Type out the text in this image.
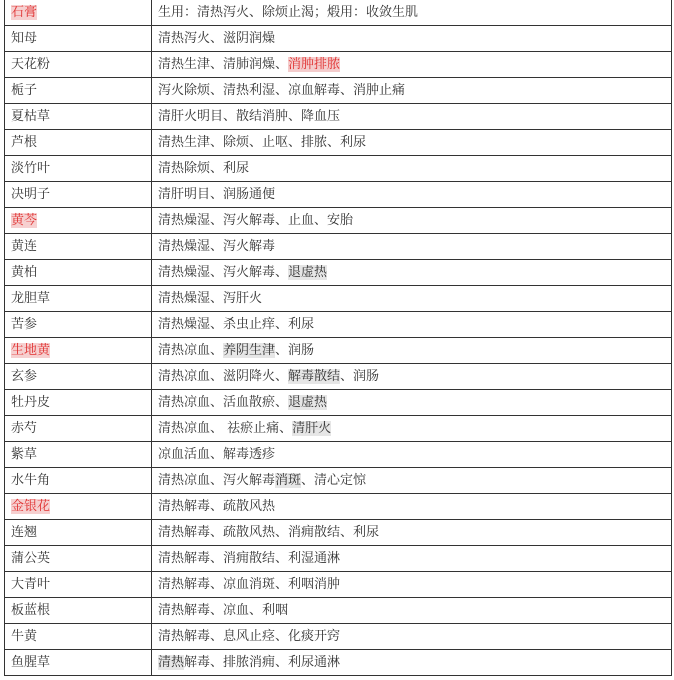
石膏	生用：清热泻火、除烦止渴；煅用：收敛生肌
知母	清热泻火、滋阴润燥
天花粉	清热生津、清肺润燥、消肿排脓
栀子	泻火除烦、清热利湿、凉血解毒、消肿止痛
夏枯草	清肝火明目、散结消肿、降血压
芦根	清热生津、除烦、止呕、排脓、利尿
淡竹叶	清热除烦、利尿
决明子	清肝明目、润肠通便
黄芩	清热燥湿、泻火解毒、止血、安胎
黄连	清热燥湿、泻火解毒
黄柏	清热燥湿、泻火解毒、退虚热
龙胆草	清热燥湿、泻肝火
苦参	清热燥湿、杀虫止痒、利尿
生地黄	清热凉血、养阴生津、润肠
玄参	清热凉血、滋阴降火、解毒散结、润肠
牡丹皮	清热凉血、活血散瘀、退虚热
赤芍	清热凉血、 祛瘀止痛、清肝火
紫草	凉血活血、解毒透疹
水牛角	清热凉血、泻火解毒消斑、清心定惊
金银花	清热解毒、疏散风热
连翘	清热解毒、疏散风热、消痈散结、利尿
蒲公英	清热解毒、消痈散结、利湿通淋
大青叶	清热解毒、凉血消斑、利咽消肿
板蓝根	清热解毒、凉血、利咽
牛黄	清热解毒、息风止痉、化痰开窍
鱼腥草	清热解毒、排脓消痈、利尿通淋
